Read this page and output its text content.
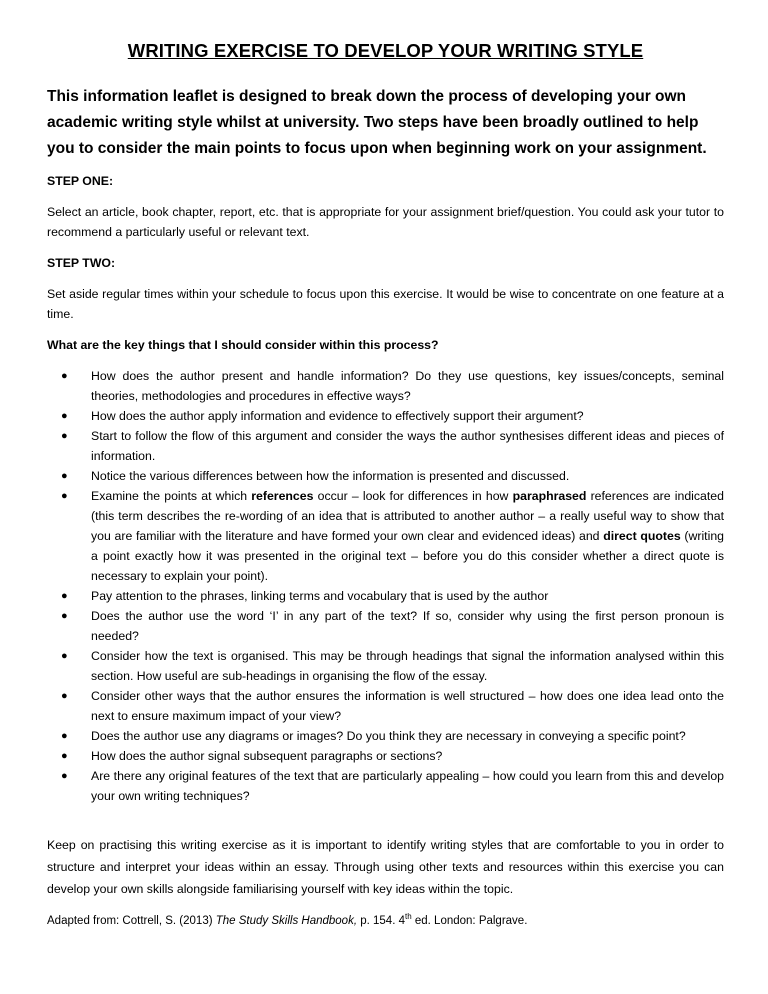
WRITING EXERCISE TO DEVELOP YOUR WRITING STYLE

This information leaflet is designed to break down the process of developing your own academic writing style whilst at university. Two steps have been broadly outlined to help you to consider the main points to focus upon when beginning work on your assignment.

STEP ONE:

Select an article, book chapter, report, etc. that is appropriate for your assignment brief/question. You could ask your tutor to recommend a particularly useful or relevant text.

STEP TWO:

Set aside regular times within your schedule to focus upon this exercise. It would be wise to concentrate on one feature at a time.

What are the key things that I should consider within this process?
● How does the author present and handle information? Do they use questions, key issues/concepts, seminal theories, methodologies and procedures in effective ways?
● How does the author apply information and evidence to effectively support their argument?
● Start to follow the flow of this argument and consider the ways the author synthesises different ideas and pieces of information.
● Notice the various differences between how the information is presented and discussed.
● Examine the points at which references occur – look for differences in how paraphrased references are indicated (this term describes the re-wording of an idea that is attributed to another author – a really useful way to show that you are familiar with the literature and have formed your own clear and evidenced ideas) and direct quotes (writing a point exactly how it was presented in the original text – before you do this consider whether a direct quote is necessary to explain your point).
● Pay attention to the phrases, linking terms and vocabulary that is used by the author
● Does the author use the word ‘I’ in any part of the text? If so, consider why using the first person pronoun is needed?
● Consider how the text is organised. This may be through headings that signal the information analysed within this section. How useful are sub-headings in organising the flow of the essay.
● Consider other ways that the author ensures the information is well structured – how does one idea lead onto the next to ensure maximum impact of your view?
● Does the author use any diagrams or images? Do you think they are necessary in conveying a specific point?
● How does the author signal subsequent paragraphs or sections?
● Are there any original features of the text that are particularly appealing – how could you learn from this and develop your own writing techniques?

Keep on practising this writing exercise as it is important to identify writing styles that are comfortable to you in order to structure and interpret your ideas within an essay. Through using other texts and resources within this exercise you can develop your own skills alongside familiarising yourself with key ideas within the topic.

Adapted from: Cottrell, S. (2013) The Study Skills Handbook, p. 154. 4th ed. London: Palgrave.
